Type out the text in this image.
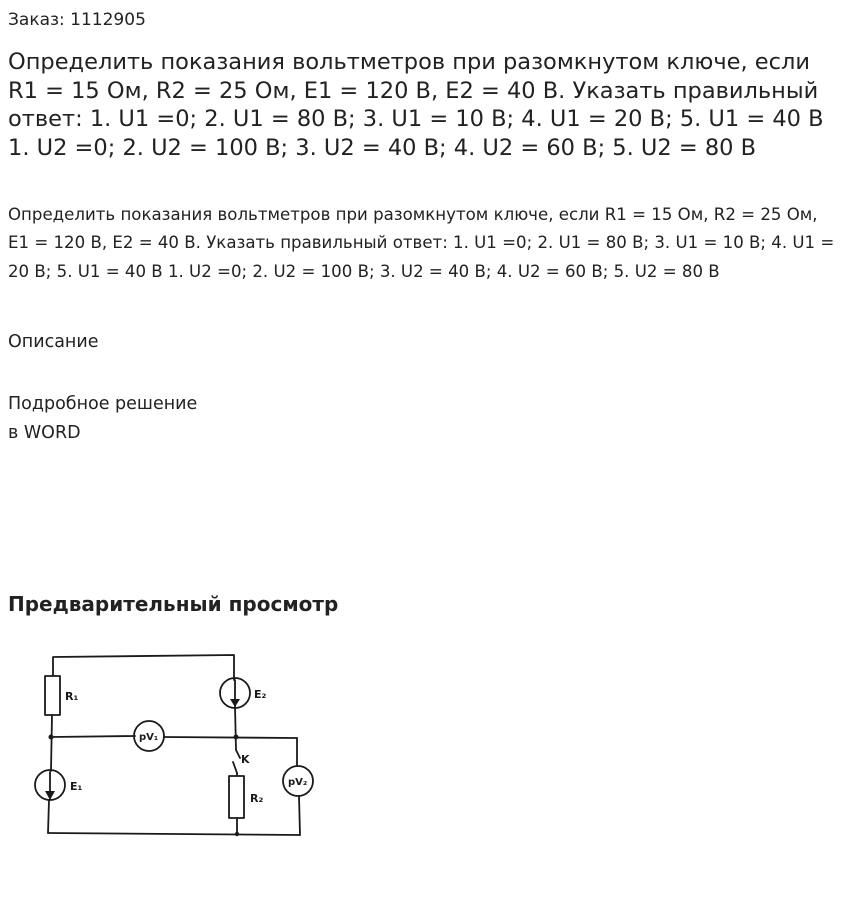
Заказ: 1112905
Определить показания вольтметров при разомкнутом ключе, если R1 = 15 Ом, R2 = 25 Ом, Е1 = 120 В, Е2 = 40 В. Указать правильный ответ: 1. U1 =0; 2. U1 = 80 В; 3. U1 = 10 В; 4. U1 = 20 В; 5. U1 = 40 В 1. U2 =0; 2. U2 = 100 В; 3. U2 = 40 В; 4. U2 = 60 В; 5. U2 = 80 В

Определить показания вольтметров при разомкнутом ключе, если R1 = 15 Ом, R2 = 25 Ом, Е1 = 120 В, Е2 = 40 В. Указать правильный ответ: 1. U1 =0; 2. U1 = 80 В; 3. U1 = 10 В; 4. U1 = 20 В; 5. U1 = 40 В 1. U2 =0; 2. U2 = 100 В; 3. U2 = 40 В; 4. U2 = 60 В; 5. U2 = 80 В

Описание
Подробное решение
в WORD
Предварительный просмотр
R₁	E₂
pV₁
K
E₁
R₂
pV₂
